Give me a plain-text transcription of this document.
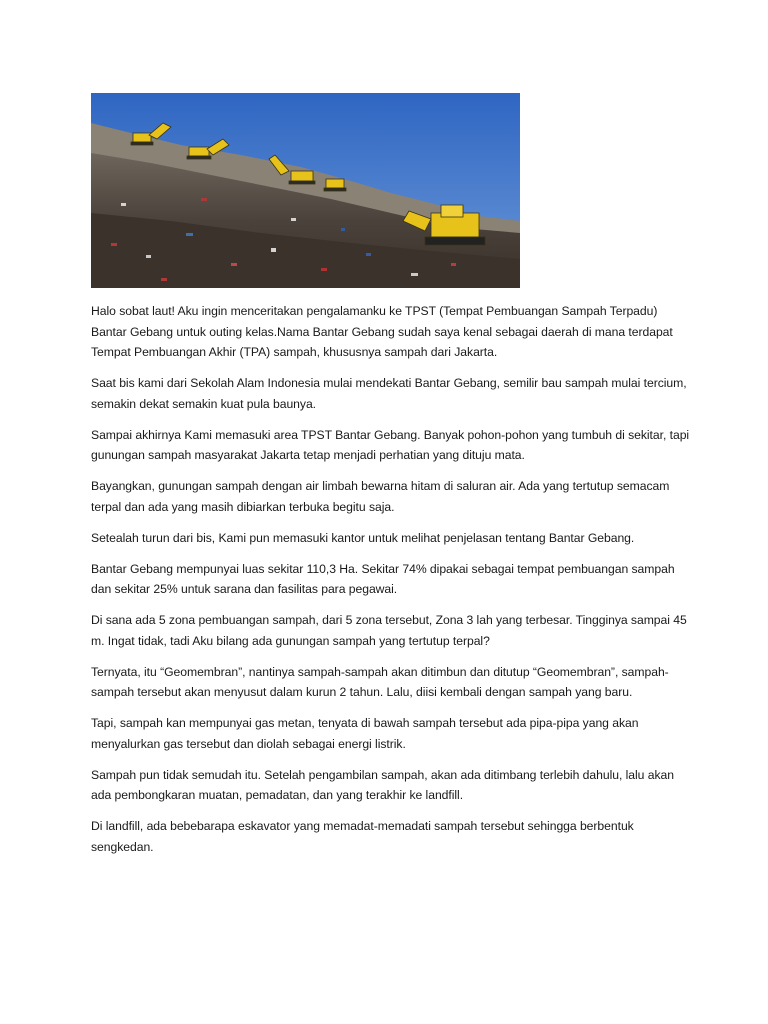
Halo sobat laut! Aku ingin menceritakan pengalamanku ke TPST (Tempat Pembuangan Sampah Terpadu) Bantar Gebang untuk outing kelas.Nama Bantar Gebang sudah saya kenal sebagai daerah di mana terdapat Tempat Pembuangan Akhir (TPA) sampah, khususnya sampah dari Jakarta.

Saat bis kami dari Sekolah Alam Indonesia mulai mendekati Bantar Gebang, semilir bau sampah mulai tercium, semakin dekat semakin kuat pula baunya.

Sampai akhirnya Kami memasuki area TPST Bantar Gebang. Banyak pohon-pohon yang tumbuh di sekitar, tapi gunungan sampah masyarakat Jakarta tetap menjadi perhatian yang dituju mata.

Bayangkan, gunungan sampah dengan air limbah bewarna hitam di saluran air. Ada yang tertutup semacam terpal dan ada yang masih dibiarkan terbuka begitu saja.

Setealah turun dari bis, Kami pun memasuki kantor untuk melihat penjelasan tentang Bantar Gebang.

Bantar Gebang mempunyai luas sekitar 110,3 Ha. Sekitar 74% dipakai sebagai tempat pembuangan sampah dan sekitar 25% untuk sarana dan fasilitas para pegawai.

Di sana ada 5 zona pembuangan sampah, dari 5 zona tersebut, Zona 3 lah yang terbesar. Tingginya sampai 45 m. Ingat tidak, tadi Aku bilang ada gunungan sampah yang tertutup terpal?

Ternyata, itu “Geomembran”, nantinya sampah-sampah akan ditimbun dan ditutup “Geomembran”, sampah-sampah tersebut akan menyusut dalam kurun 2 tahun. Lalu, diisi kembali dengan sampah yang baru.

Tapi, sampah kan mempunyai gas metan, tenyata di bawah sampah tersebut ada pipa-pipa yang akan menyalurkan gas tersebut dan diolah sebagai energi listrik.

Sampah pun tidak semudah itu. Setelah pengambilan sampah, akan ada ditimbang terlebih dahulu, lalu akan ada pembongkaran muatan, pemadatan, dan yang terakhir ke landfill.

Di landfill, ada bebebarapa eskavator yang memadat-memadati sampah tersebut sehingga berbentuk sengkedan.
